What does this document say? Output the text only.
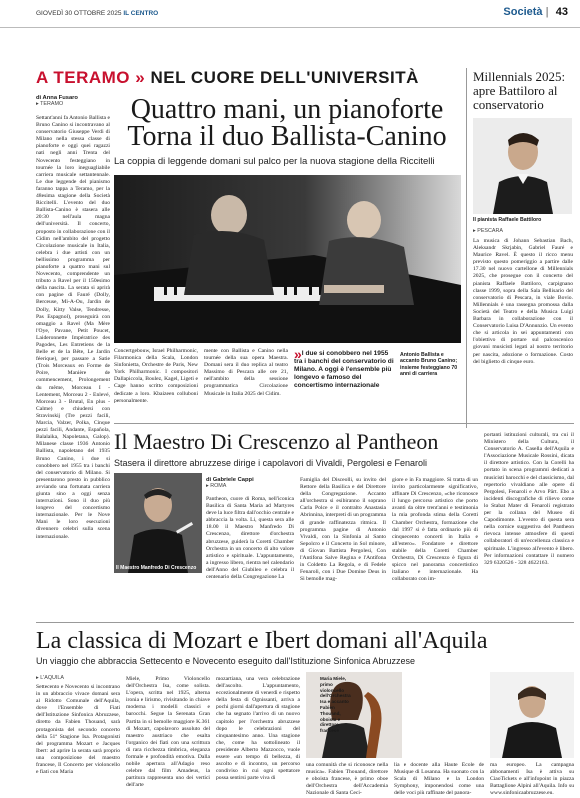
GIOVEDÌ 30 OTTOBRE 2025 IL CENTRO	Società | 43
A TERAMO » NEL CUORE DELL'UNIVERSITÀ
di Anna Fusaro
▸ TERAMO

Settant'anni fa Antonio Ballista e Bruno Canino si incontravano al conservatorio Giuseppe Verdi di Milano nella stessa classe di pianoforte e oggi quei ragazzi nati negli anni Trenta del Novecento festeggiano in tournée la loro ineguagliabile carriera musicale settantennale. Le due leggende del pianismo faranno tappa a Teramo, per la 48esima stagione della Società Riccitelli. L'evento del duo Ballista-Canino è stasera alle 20:30 nell'aula magna dell'università. Il concerto, proposto in collaborazione con il Cidim nell'ambito del progetto Circolazione musicale in Italia, celebra i due artisti con un bellissimo programma per pianoforte a quattro mani sul Novecento, comprendente un tributo a Ravel per il 150esimo della nascita. La serata si aprirà con pagine di Fauré (Dolly, Berceuse, Mi-A-Ou, Jardin de Dolly, Kitty Valse, Tendresse, Pas Espagnol), proseguirà con omaggio a Ravel (Ma Mère l'Oye, Pavane, Petit Poucet, Laideronnette Impératrice des Pagodes, Les Entretiens de la Belle et de la Bête, Le Jardin féerique), per passare a Satie (Trois Morceaux en Forme de Poire, Manière de commencement, Prolongement du même, Morceau I - Lentement, Morceau 2 - Enlevé, Morceau 3 - Brutal, En plus - Calme) e chiudersi con Stravinskij (Tre pezzi facili, Marcia, Valzer, Polka, Cinque pezzi facili, Andante, Española, Balalaika, Napoletana, Galop). Milanese classe 1936 Antonio Ballista, napoletano del 1935 Bruno Canino, i due si conobbero nel 1955 tra i banchi del conservatorio di Milano. Si presentarono presto in pubblico avviando una fortunata carriera giunta sino a oggi senza interruzioni. Sono il duo più longevo del concertismo internazionale. Per le Nove Mani le loro esecuzioni divennero celebri sulla scena internazionale.

Quattro mani, un pianoforte
Torna il duo Ballista-Canino
La coppia di leggende domani sul palco per la nuova stagione della Riccitelli

Concertgebouw, Israel Philharmonic, Filarmonica della Scala, London Sinfonietta, Orchestre de Paris, New York Philharmonic. I compositori Dallapiccola, Boulez, Kagel, Ligeti e Cage hanno scritto composizioni dedicate a loro. Kbaizeen colluboni personalmente.

mente con Ballista e Canino nella tournée della sua opera Maestra. Domani sera il duo replica al teatro Massimo di Pescara alle ore 21, nell'ambito della sessione programmatica Circolazione Musicale in Italia 2025 del Cidim.

»I due si conobbero nel 1955 tra i banchi del conservatorio di Milano. A oggi è l'ensemble più longevo e famoso del concertismo internazionale
Antonio Ballista e accanto Bruno Canino; insieme festeggiano 70 anni di carriera
Millennials 2025: apre Battiloro al conservatorio
Il pianista Raffaele Battiloro
▸ PESCARA

La musica di Johann Sebastian Bach, Aleksandr Skrjabin, Gabriel Fauré e Maurice Ravel. È questo il ricco menu previsto questo pomeriggio a partire dalle 17.30 nel nuovo cartellone di Millennials 2025, che prosegue con il concerto del pianista Raffaele Battiloro, carpignano classe 1999, sopra della Sala Bellisario del conservatorio di Pescara, in viale Bovio. Millennials è una rassegna promossa dalla Società del Teatro e della Musica Luigi Barbara in collaborazione con il Conservatorio Luisa D'Annunzio. Un evento che si articola in sei appuntamenti con l'obiettivo di portare sul palcoscenico giovani musicisti legati al nostro territorio per nascita, adozione o formazione. Costo del biglietto di cinque euro.

Il Maestro Di Crescenzo al Pantheon
Stasera il direttore abruzzese dirige i capolavori di Vivaldi, Pergolesi e Fenaroli
Il Maestro Manfredo Di Crescenzo
di Gabriele Cappi
▸ ROMA

Pantheon, cuore di Roma, nell'iconica Basilica di Santa Maria ad Martyres deve la luce filtra dall'occhio centrale e abbraccia la volta. Li, questa sera alle 18.00 il Maestro Manfredo Di Crescenzo, direttore d'orchestra abruzzese, guiderà la Coretti Chamber Orchestra in un concerto di alto valore artistico e spirituale. L'appuntamento, a ingresso libero, rientra nel calendario dell'Anno del Giubileo e celebra il centenario della Congregazione La

Famiglia del Disceolli, su invito del Rettore della Basilica e del Direttore della Congregazione. Accanto all'orchestra si esibiranno il soprano Carla Polce e il contralto Anastasia Abrinnina, interpreti di un programma di grande raffinatezza ritmica. Il programma pagine di Antonio Vivaldi, con la Sinfonia al Santo Sepolcro e il Concerto in Sol minore, di Giovan Battista Pergolesi, Con l'Antifona Salve Regina e l'Antifona in Coldetto La Regola, e di Fedele Fenaroli, con i Due Domine Deus in Si bemolle mag-

giore e in Fa maggiore. Si tratta di un invito particolarmente significativo, affinare Di Crescenzo, «che riconosce il lungo percorso artistico che porto avanti da oltre trent'anni e testimonia la mia profonda stima della Coretti Chamber Orchestra, formazione che dal 1997 si è fatta ordinario più di cinquecento concerti in Italia e all'estero». Fondatore e direttore stabile della Coretti Chamber Orchestra, Di Crescenzo è figura di spicco nel panorama concertistico italiano e internazionale. Ha collaborato con im-

portanti istituzioni culturali, tra cui il Ministero della Cultura, il Conservatorio A. Casella dell'Aquila e l'Associazione Musicale Rossini, dicata il direttore artistico. Con la Corelli ha portato in scena programmi dedicati a musicisti barocchi e del classicismo, dal repertorio vivaldiano alle opere di Pergolesi, Fenaroli e Arvo Pärt. Ebo a incidenti discografiche di rilievo come lo Stabat Mater di Fenaroli registrato per la collana del Museo di Capodimonte. L'evento di questa sera nella cornice suggestiva del Pantheon rievoca intense atmosfere di questi collaboratori di un'eccellenza classica e spirituale. L'ingresso all'evento è libero. Per informazioni contattare il numero 329 6320526 - 328 4622163.

La classica di Mozart e Ibert domani all'Aquila
Un viaggio che abbraccia Settecento e Novecento eseguito dall'Istituzione Sinfonica Abruzzese
▸ L'AQUILA

Settecento e Novecento si incontrano in un abbraccio vivace domani sera al Ridotto Comunale dell'Aquila, dove l'Ensemble di Fiati dell'Istituzione Sinfonica Abruzzese, diretto da Fabien Thouand, sarà protagonista del secondo concerto della 51ª Stagione Isa. Protagonisti del programma Mozart e Jacques Ibert: ad aprire la serata sarà proprio una composizione del maestro francese, Il Concerto per violoncello e fiati con Maria

Miele, Primo Violoncello dell'Orchestra Isa, come solista. L'opera, scritta nel 1925, alterna ironia e lirismo, rivisitando in chiave moderna i modelli classici e barocchi. Segue la Serenata Gran Partita in si bemolle maggiore K.361 di Mozart, capolavoro assoluto del maestro austriaco che esalta l'organico dei fiati con una scrittura di rara ricchezza timbrica, eleganza formale e profondità emotiva. Dalla nobile apertura all'Adagio reso celebre dal film Amadeus, la partitura rappresenta uno dei vertici dell'arte

mozartiana, una vera celebrazione dell'ascolto. L'appuntamento, eccezionalmente di venerdì e rispetto della festa di Ognissanti, arriva a pochi giorni dall'apertura di stagione che ha segnato l'arrivo di un nuovo capitolo per l'orchestra abruzzese dopo le celebrazioni del cinquantesimo anno. Una stagione che, come ha sottolineato il presidente Alberto Mazzocco, vuole essere «un tempo di bellezza, di ascolto e di incontro, un percorso condiviso in cui ogni spettatore possa sentirsi parte viva di

Maria Miele, primo violoncello dell'Orchestra Isa e accanto Fabien Thouand, oboista e direttore francese

una comunità che si riconosce nella musica». Fabien Thouand, direttore e oboista francese, è primo oboe dell'Orchestra dell'Accademia Nazionale di Santa Ceci-

lia e docente alla Haute École de Musique di Losanna. Ha suonato con la Scala di Milano e la London Symphony, imponendosi come una delle voci più raffinate del panora-

ma europeo. La campagna abbonamenti Isa è attiva su CiaoTickets e all'infopoint in piazza Battaglione Alpini all'Aquila. Info su www.sinfonicaabruzzese.eu.
